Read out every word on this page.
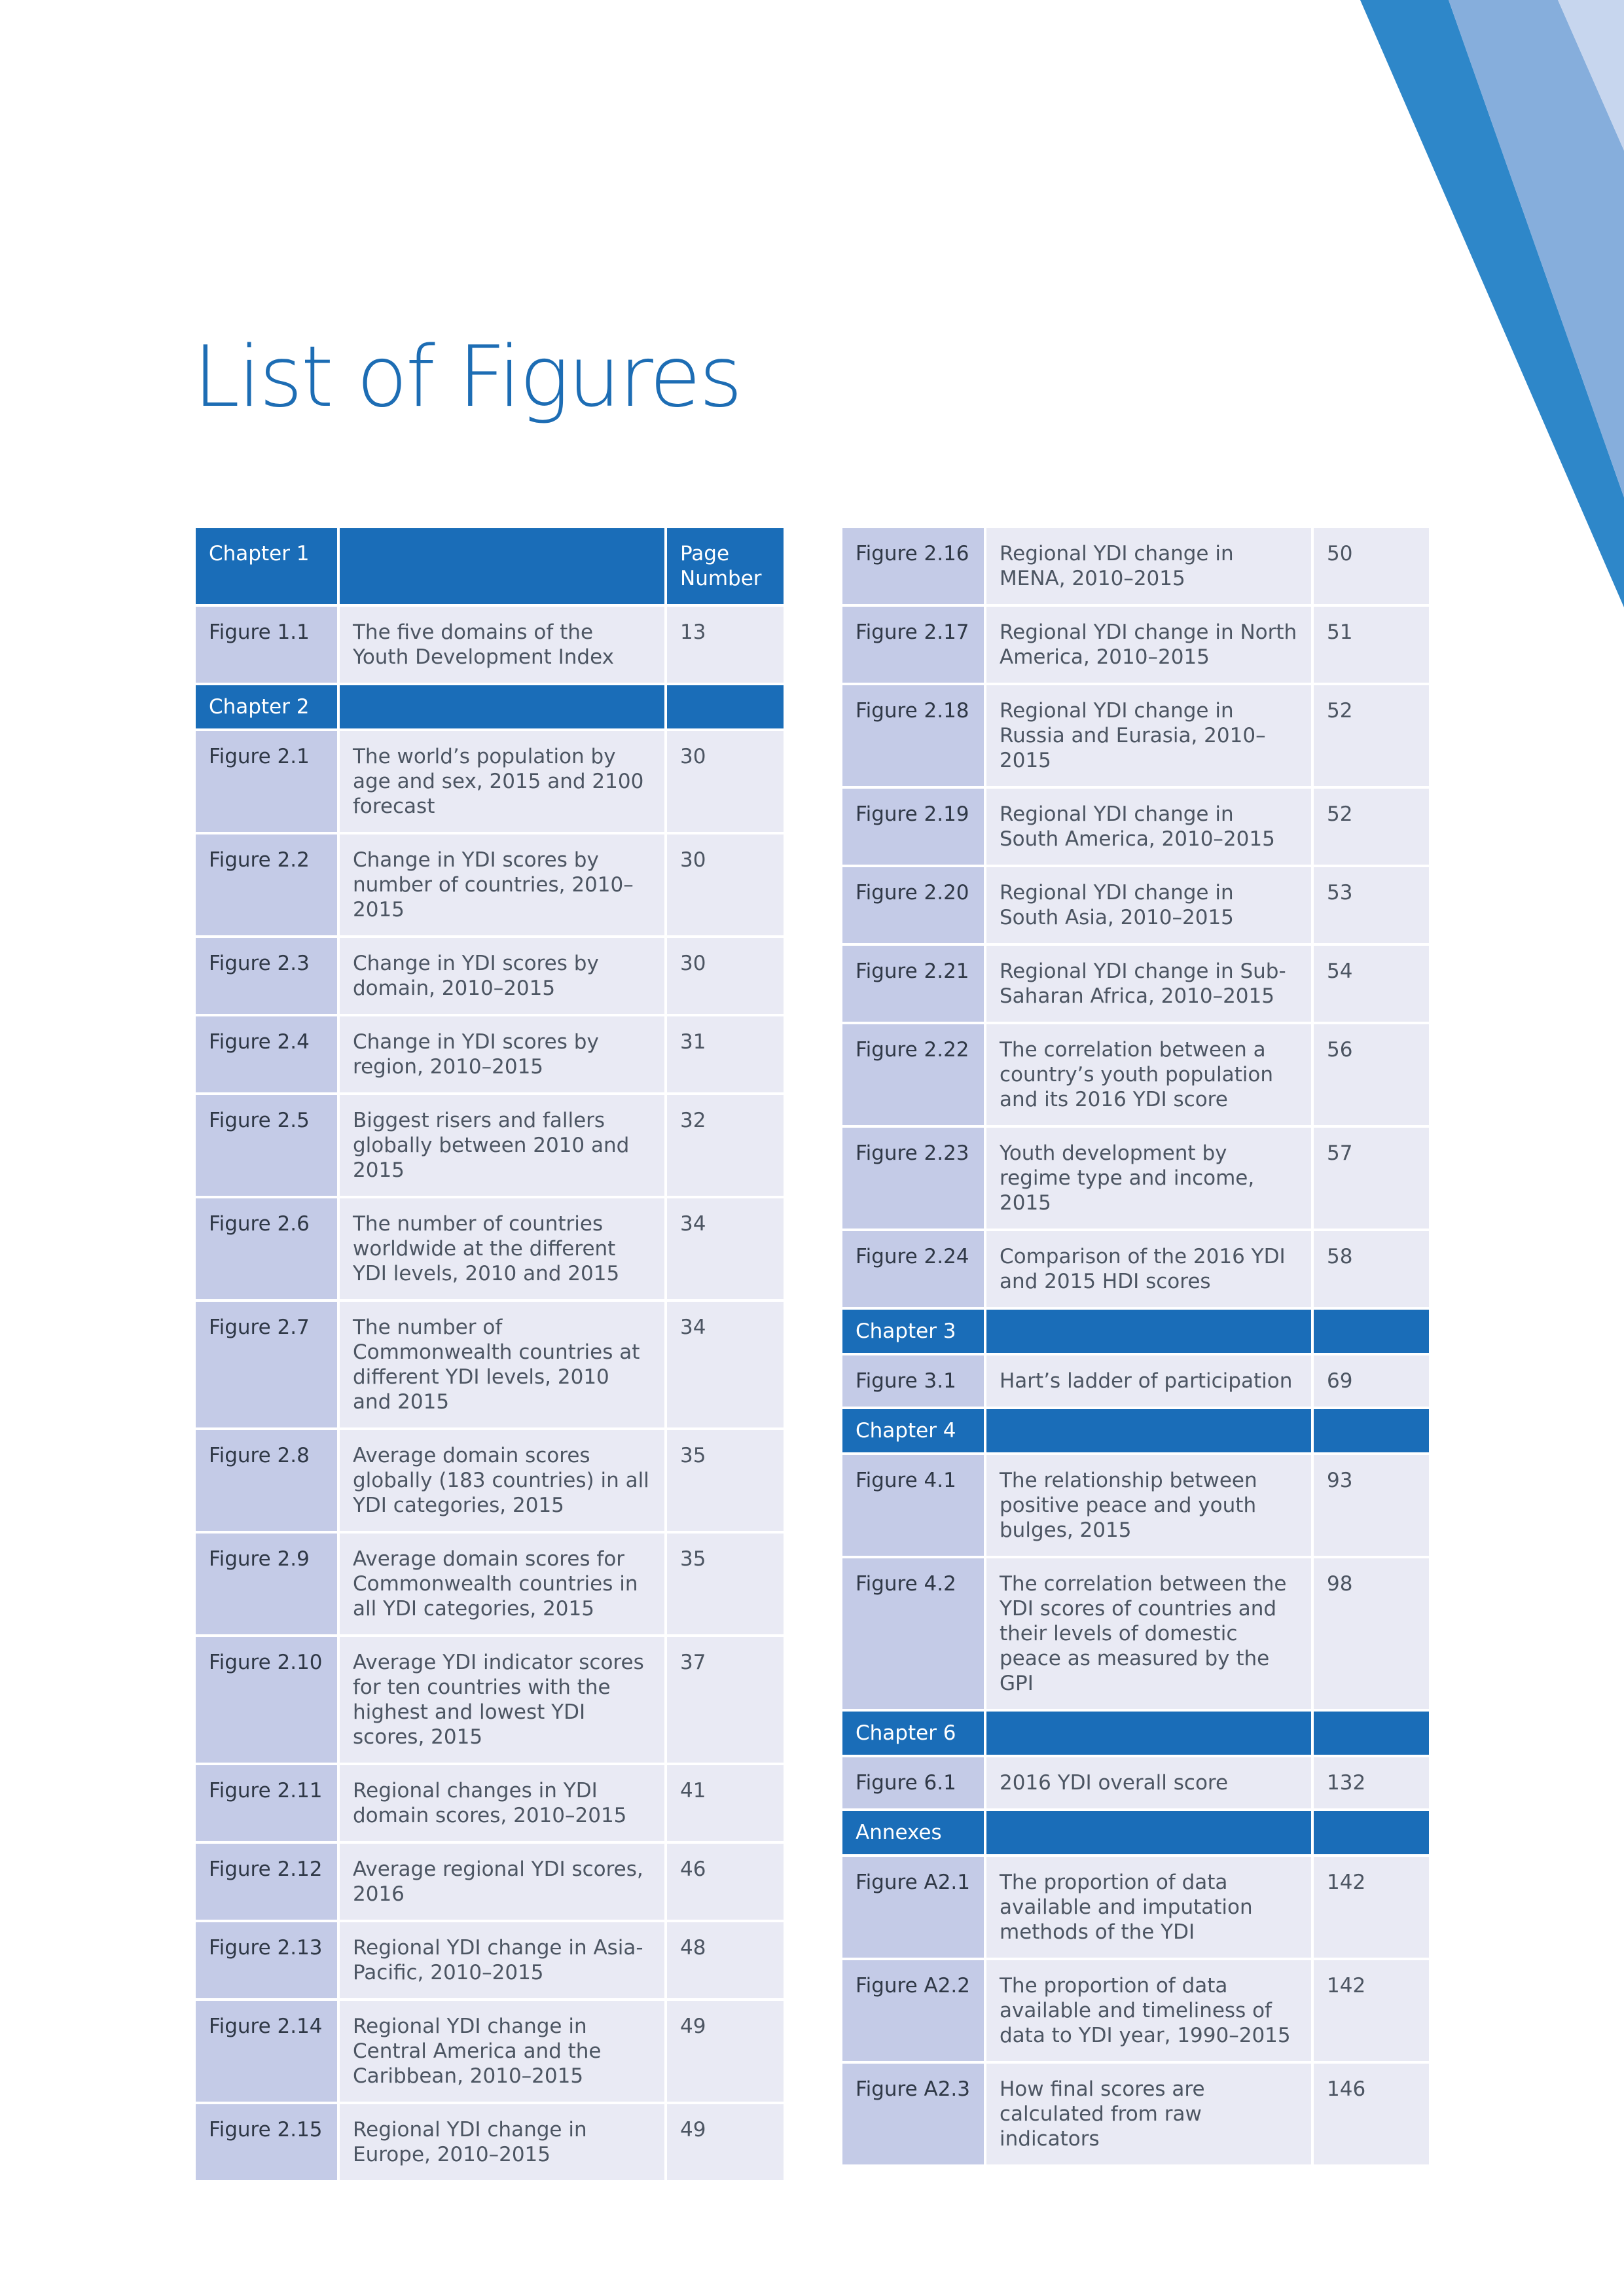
List of Figures
Chapter 1		Page Number
Figure 1.1	The five domains of the Youth Development Index	13
Chapter 2		
Figure 2.1	The world’s population by age and sex, 2015 and 2100 forecast	30
Figure 2.2	Change in YDI scores by number of countries, 2010–2015	30
Figure 2.3	Change in YDI scores by domain, 2010–2015	30
Figure 2.4	Change in YDI scores by region, 2010–2015	31
Figure 2.5	Biggest risers and fallers globally between 2010 and 2015	32
Figure 2.6	The number of countries worldwide at the different YDI levels, 2010 and 2015	34
Figure 2.7	The number of Commonwealth countries at different YDI levels, 2010 and 2015	34
Figure 2.8	Average domain scores globally (183 countries) in all YDI categories, 2015	35
Figure 2.9	Average domain scores for Commonwealth countries in all YDI categories, 2015	35
Figure 2.10	Average YDI indicator scores for ten countries with the highest and lowest YDI scores, 2015	37
Figure 2.11	Regional changes in YDI domain scores, 2010–2015	41
Figure 2.12	Average regional YDI scores, 2016	46
Figure 2.13	Regional YDI change in Asia-Pacific, 2010–2015	48
Figure 2.14	Regional YDI change in Central America and the Caribbean, 2010–2015	49
Figure 2.15	Regional YDI change in Europe, 2010–2015	49
Figure 2.16	Regional YDI change in MENA, 2010–2015	50
Figure 2.17	Regional YDI change in North America, 2010–2015	51
Figure 2.18	Regional YDI change in Russia and Eurasia, 2010–2015	52
Figure 2.19	Regional YDI change in South America, 2010–2015	52
Figure 2.20	Regional YDI change in South Asia, 2010–2015	53
Figure 2.21	Regional YDI change in Sub-Saharan Africa, 2010–2015	54
Figure 2.22	The correlation between a country’s youth population and its 2016 YDI score	56
Figure 2.23	Youth development by regime type and income, 2015	57
Figure 2.24	Comparison of the 2016 YDI and 2015 HDI scores	58
Chapter 3		
Figure 3.1	Hart’s ladder of participation	69
Chapter 4		
Figure 4.1	The relationship between positive peace and youth bulges, 2015	93
Figure 4.2	The correlation between the YDI scores of countries and their levels of domestic peace as measured by the GPI	98
Chapter 6		
Figure 6.1	2016 YDI overall score	132
Annexes		
Figure A2.1	The proportion of data available and imputation methods of the YDI	142
Figure A2.2	The proportion of data available and timeliness of data to YDI year, 1990–2015	142
Figure A2.3	How final scores are calculated from raw indicators	146
